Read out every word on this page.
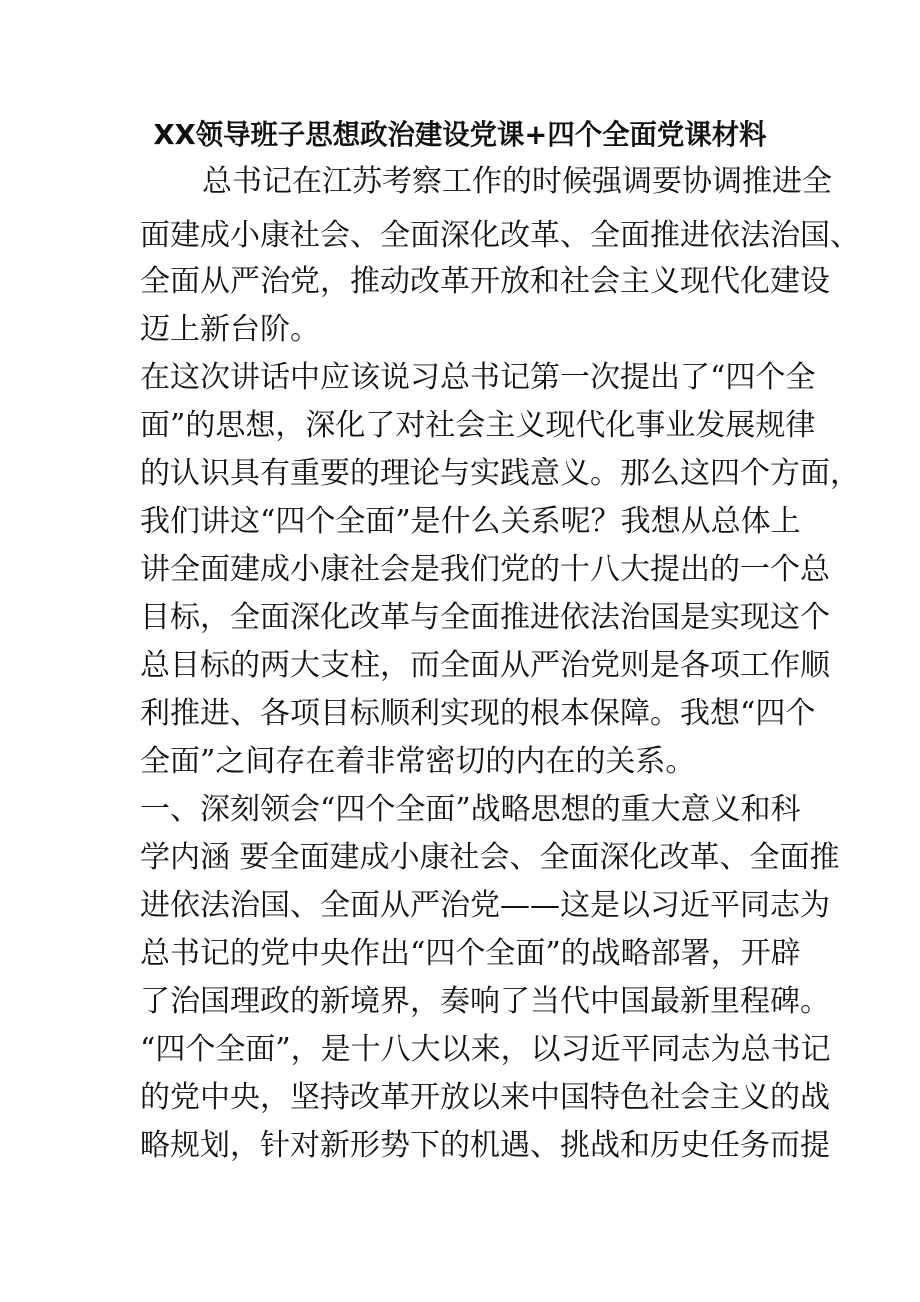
XX领导班子思想政治建设党课+四个全面党课材料
　总书记在江苏考察工作的时候强调要协调推进全
面建成小康社会、全面深化改革、全面推进依法治国、
全面从严治党，推动改革开放和社会主义现代化建设
迈上新台阶。
在这次讲话中应该说习总书记第一次提出了“四个全
面”的思想，深化了对社会主义现代化事业发展规律
的认识具有重要的理论与实践意义。那么这四个方面，
我们讲这“四个全面”是什么关系呢？我想从总体上
讲全面建成小康社会是我们党的十八大提出的一个总
目标，全面深化改革与全面推进依法治国是实现这个
总目标的两大支柱，而全面从严治党则是各项工作顺
利推进、各项目标顺利实现的根本保障。我想“四个
全面”之间存在着非常密切的内在的关系。
一、深刻领会“四个全面”战略思想的重大意义和科
学内涵 要全面建成小康社会、全面深化改革、全面推
进依法治国、全面从严治党——这是以习近平同志为
总书记的党中央作出“四个全面”的战略部署，开辟
了治国理政的新境界，奏响了当代中国最新里程碑。
“四个全面”，是十八大以来，以习近平同志为总书记
的党中央，坚持改革开放以来中国特色社会主义的战
略规划，针对新形势下的机遇、挑战和历史任务而提
